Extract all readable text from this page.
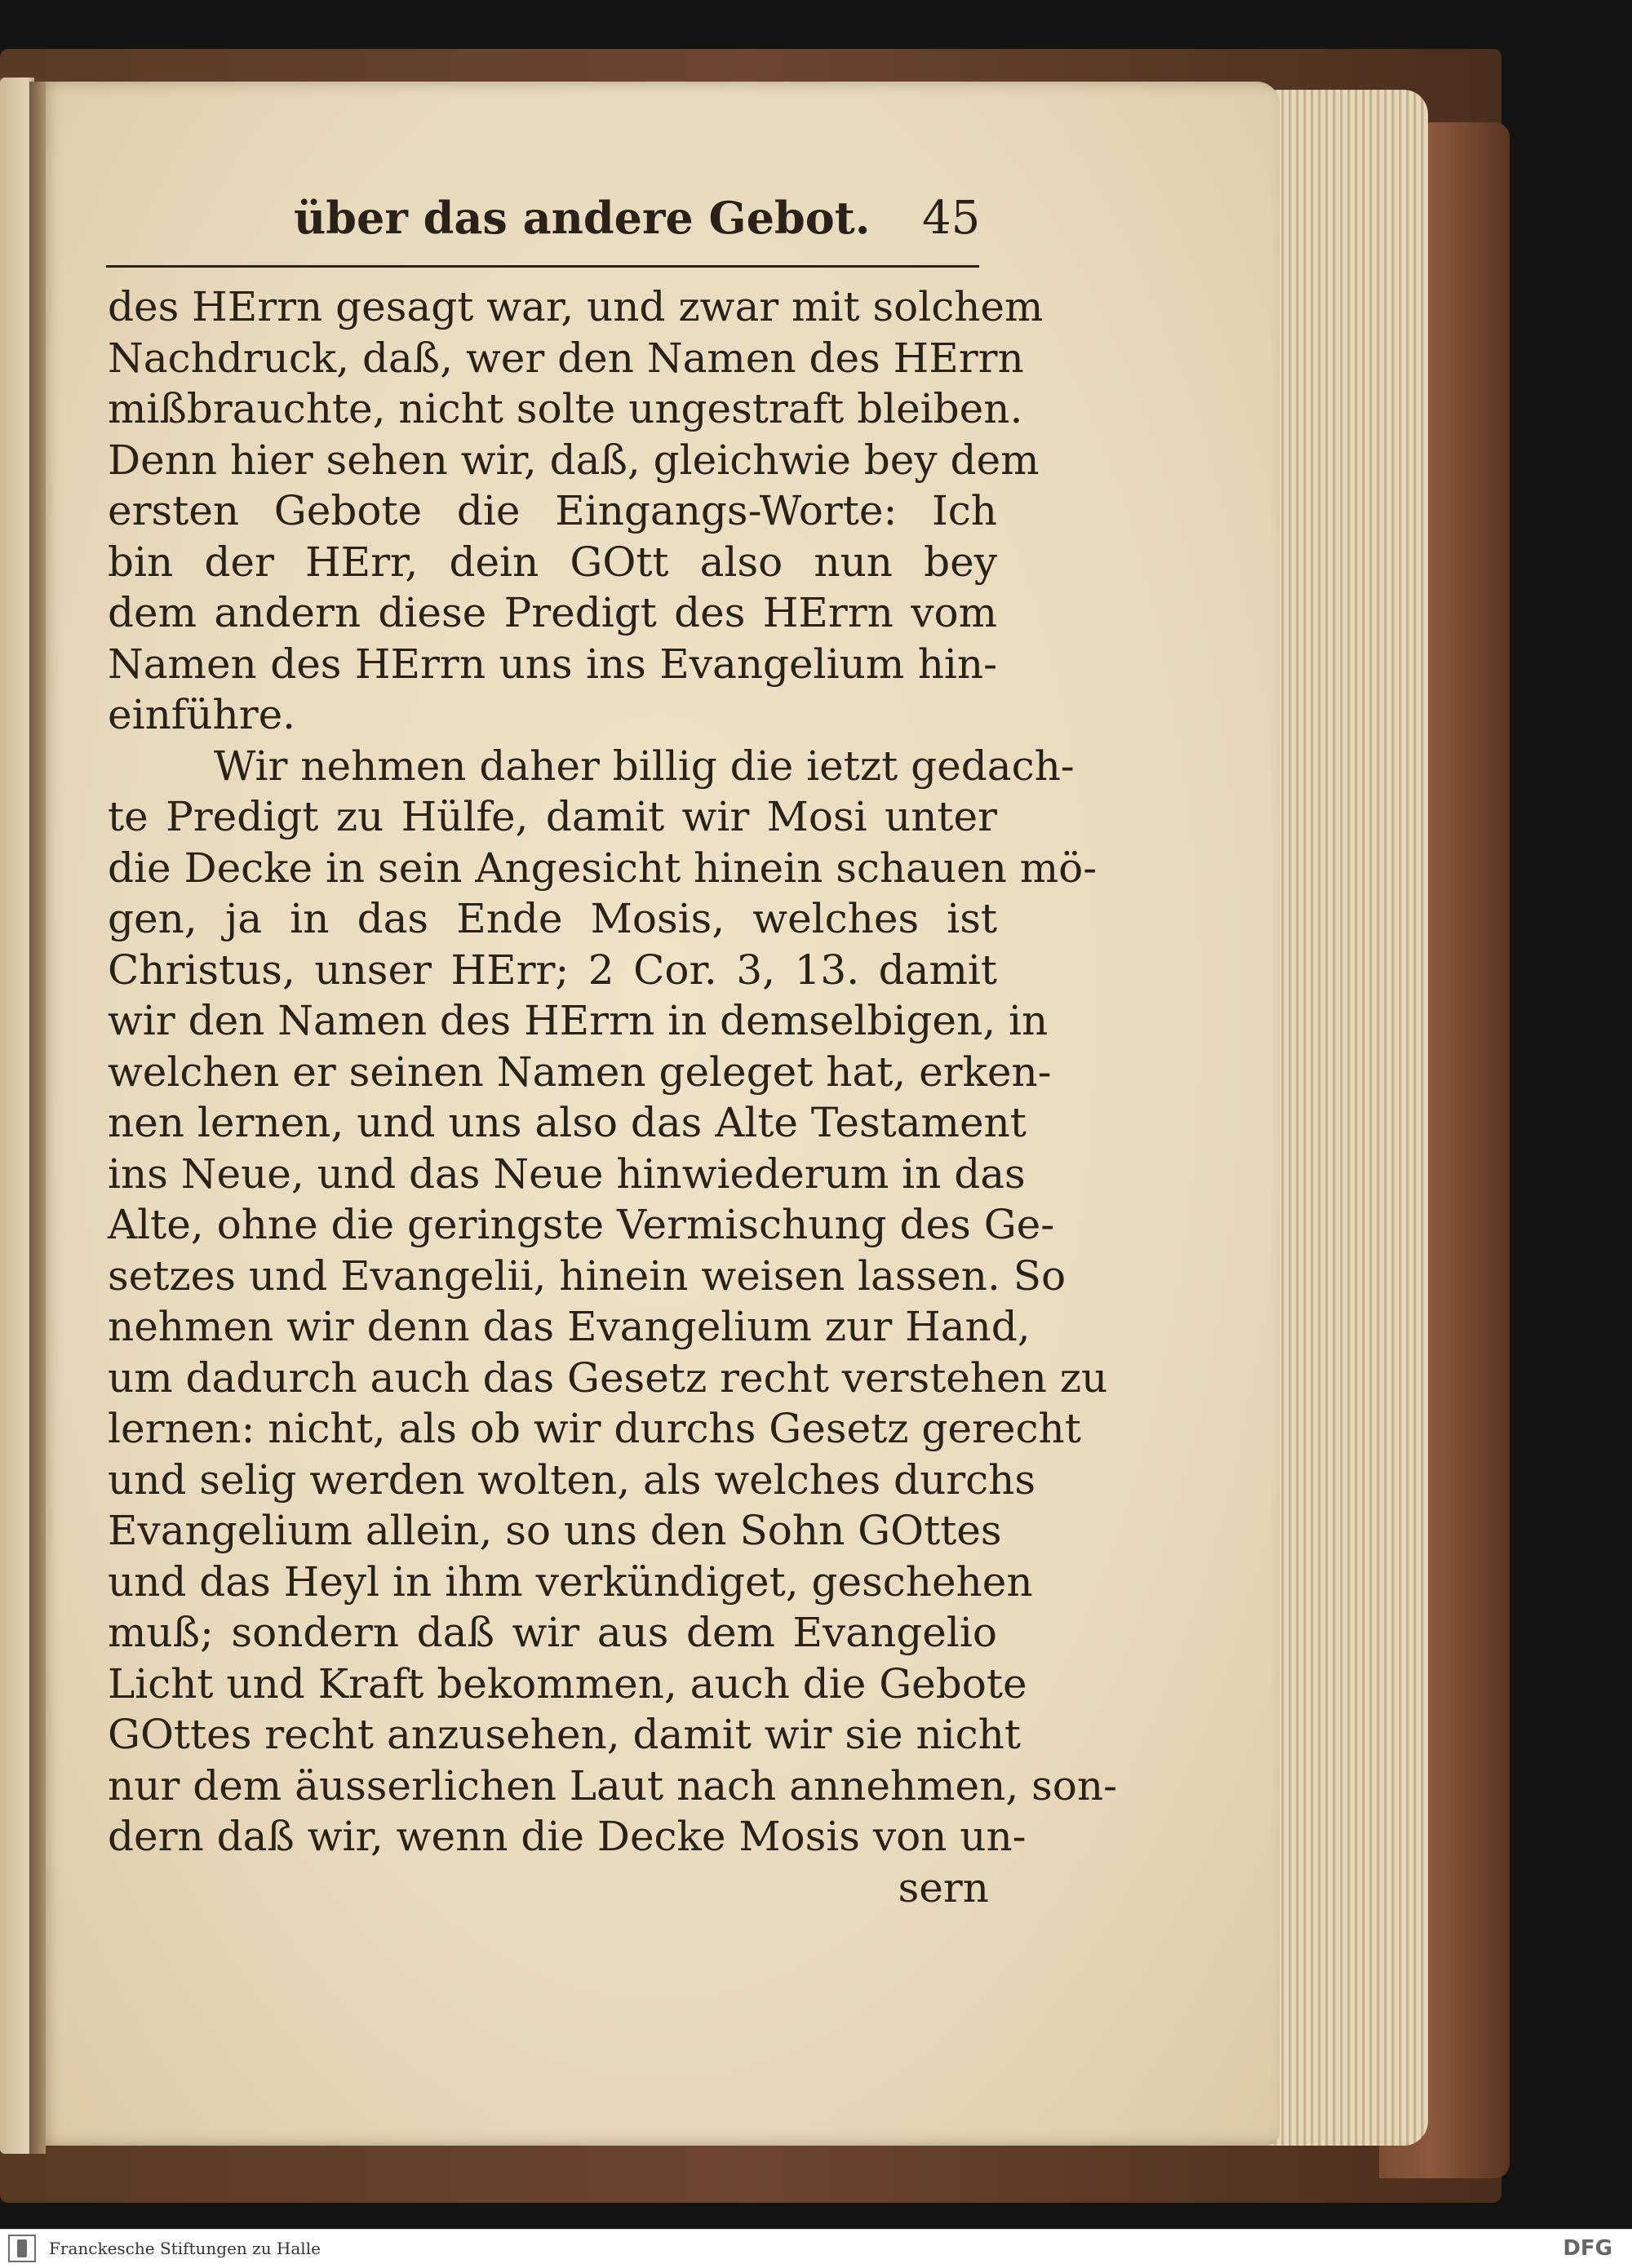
über das andere Gebot. 45
des HErrn gesagt war, und zwar mit solchem
Nachdruck, daß, wer den Namen des HErrn
mißbrauchte, nicht solte ungestraft bleiben.
Denn hier sehen wir, daß, gleichwie bey dem
ersten Gebote die Eingangs-Worte: Ich
bin der HErr, dein GOtt also nun bey
dem andern diese Predigt des HErrn vom
Namen des HErrn uns ins Evangelium hin-
einführe.
Wir nehmen daher billig die ietzt gedach-
te Predigt zu Hülfe, damit wir Mosi unter
die Decke in sein Angesicht hinein schauen mö-
gen, ja in das Ende Mosis, welches ist
Christus, unser HErr; 2 Cor. 3, 13. damit
wir den Namen des HErrn in demselbigen, in
welchen er seinen Namen geleget hat, erken-
nen lernen, und uns also das Alte Testament
ins Neue, und das Neue hinwiederum in das
Alte, ohne die geringste Vermischung des Ge-
setzes und Evangelii, hinein weisen lassen. So
nehmen wir denn das Evangelium zur Hand,
um dadurch auch das Gesetz recht verstehen zu
lernen: nicht, als ob wir durchs Gesetz gerecht
und selig werden wolten, als welches durchs
Evangelium allein, so uns den Sohn GOttes
und das Heyl in ihm verkündiget, geschehen
muß; sondern daß wir aus dem Evangelio
Licht und Kraft bekommen, auch die Gebote
GOttes recht anzusehen, damit wir sie nicht
nur dem äusserlichen Laut nach annehmen, son-
dern daß wir, wenn die Decke Mosis von un-
sern
Franckesche Stiftungen zu Halle	DFG
